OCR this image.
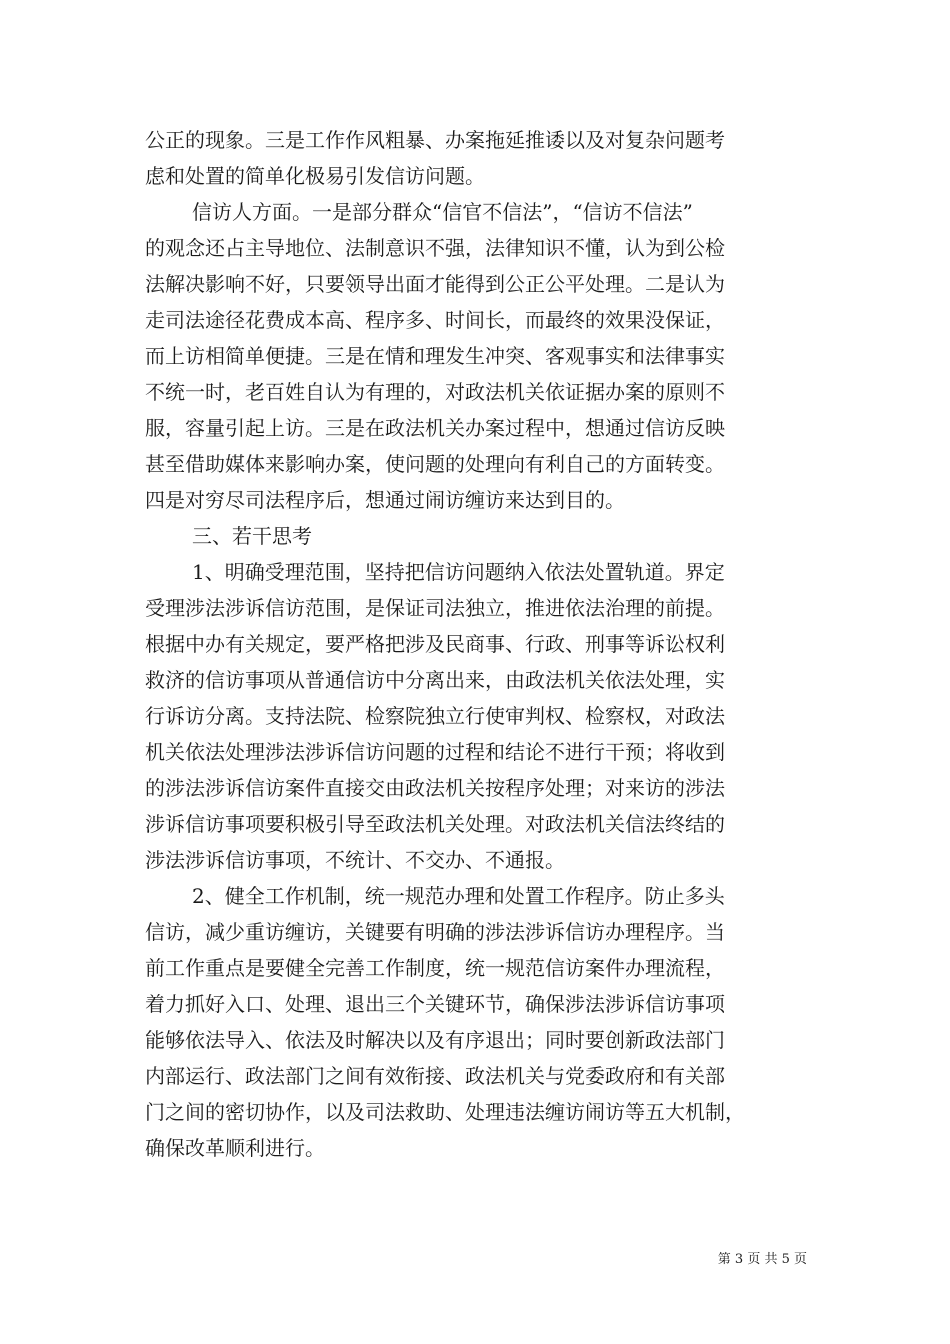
公正的现象。三是工作作风粗暴、办案拖延推诿以及对复杂问题考
虑和处置的简单化极易引发信访问题。
信访人方面。一是部分群众“信官不信法”，“信访不信法”
的观念还占主导地位、法制意识不强，法律知识不懂，认为到公检
法解决影响不好，只要领导出面才能得到公正公平处理。二是认为
走司法途径花费成本高、程序多、时间长，而最终的效果没保证，
而上访相简单便捷。三是在情和理发生冲突、客观事实和法律事实
不统一时，老百姓自认为有理的，对政法机关依证据办案的原则不
服，容量引起上访。三是在政法机关办案过程中，想通过信访反映
甚至借助媒体来影响办案，使问题的处理向有利自己的方面转变。
四是对穷尽司法程序后，想通过闹访缠访来达到目的。
三、若干思考
1、明确受理范围，坚持把信访问题纳入依法处置轨道。界定
受理涉法涉诉信访范围，是保证司法独立，推进依法治理的前提。
根据中办有关规定，要严格把涉及民商事、行政、刑事等诉讼权利
救济的信访事项从普通信访中分离出来，由政法机关依法处理，实
行诉访分离。支持法院、检察院独立行使审判权、检察权，对政法
机关依法处理涉法涉诉信访问题的过程和结论不进行干预；将收到
的涉法涉诉信访案件直接交由政法机关按程序处理；对来访的涉法
涉诉信访事项要积极引导至政法机关处理。对政法机关信法终结的
涉法涉诉信访事项，不统计、不交办、不通报。
2、健全工作机制，统一规范办理和处置工作程序。防止多头
信访，减少重访缠访，关键要有明确的涉法涉诉信访办理程序。当
前工作重点是要健全完善工作制度，统一规范信访案件办理流程，
着力抓好入口、处理、退出三个关键环节，确保涉法涉诉信访事项
能够依法导入、依法及时解决以及有序退出；同时要创新政法部门
内部运行、政法部门之间有效衔接、政法机关与党委政府和有关部
门之间的密切协作，以及司法救助、处理违法缠访闹访等五大机制，
确保改革顺利进行。
第 3 页 共 5 页
